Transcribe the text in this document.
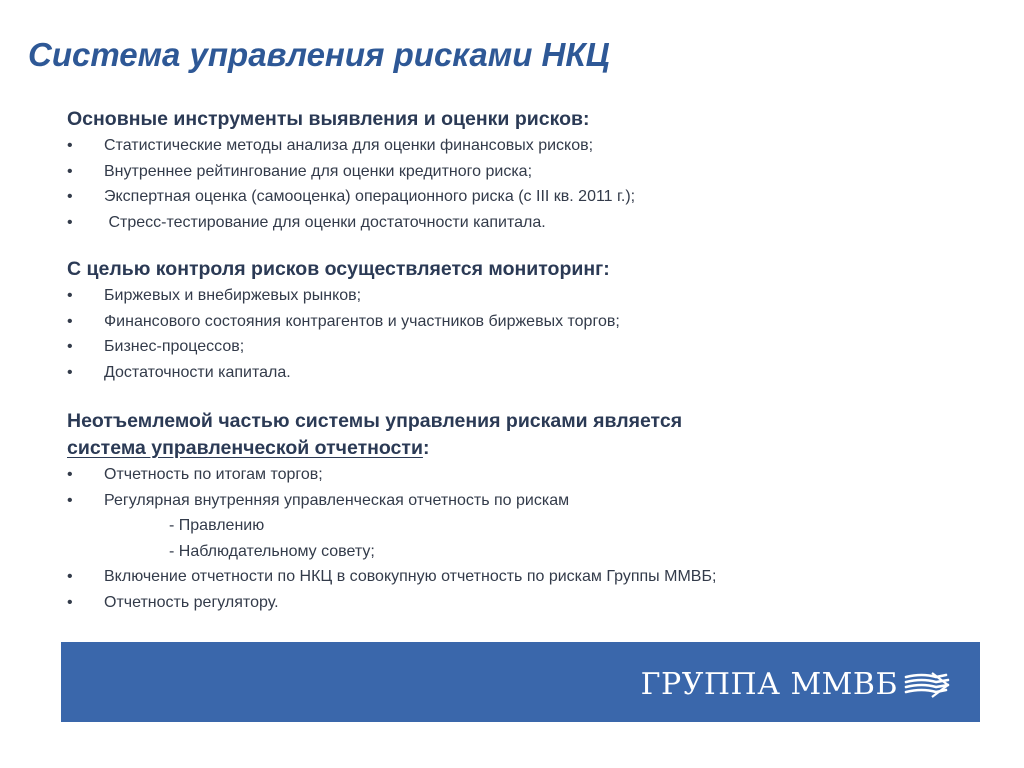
Система управления рисками НКЦ
Основные инструменты выявления и оценки рисков:
• Статистические методы анализа для оценки финансовых рисков;
• Внутреннее рейтингование для оценки кредитного риска;
• Экспертная оценка (самооценка) операционного риска (с III кв. 2011 г.);
• Стресс-тестирование для оценки достаточности капитала.
С целью контроля рисков осуществляется мониторинг:
• Биржевых и внебиржевых рынков;
• Финансового состояния контрагентов и участников биржевых торгов;
• Бизнес-процессов;
• Достаточности капитала.
Неотъемлемой частью системы управления рисками является
система управленческой отчетности:
• Отчетность по итогам торгов;
• Регулярная внутренняя управленческая отчетность по рискам
- Правлению
- Наблюдательному совету;
• Включение отчетности по НКЦ в совокупную отчетность по рискам Группы ММВБ;
• Отчетность регулятору.
ГРУППА ММВБ
